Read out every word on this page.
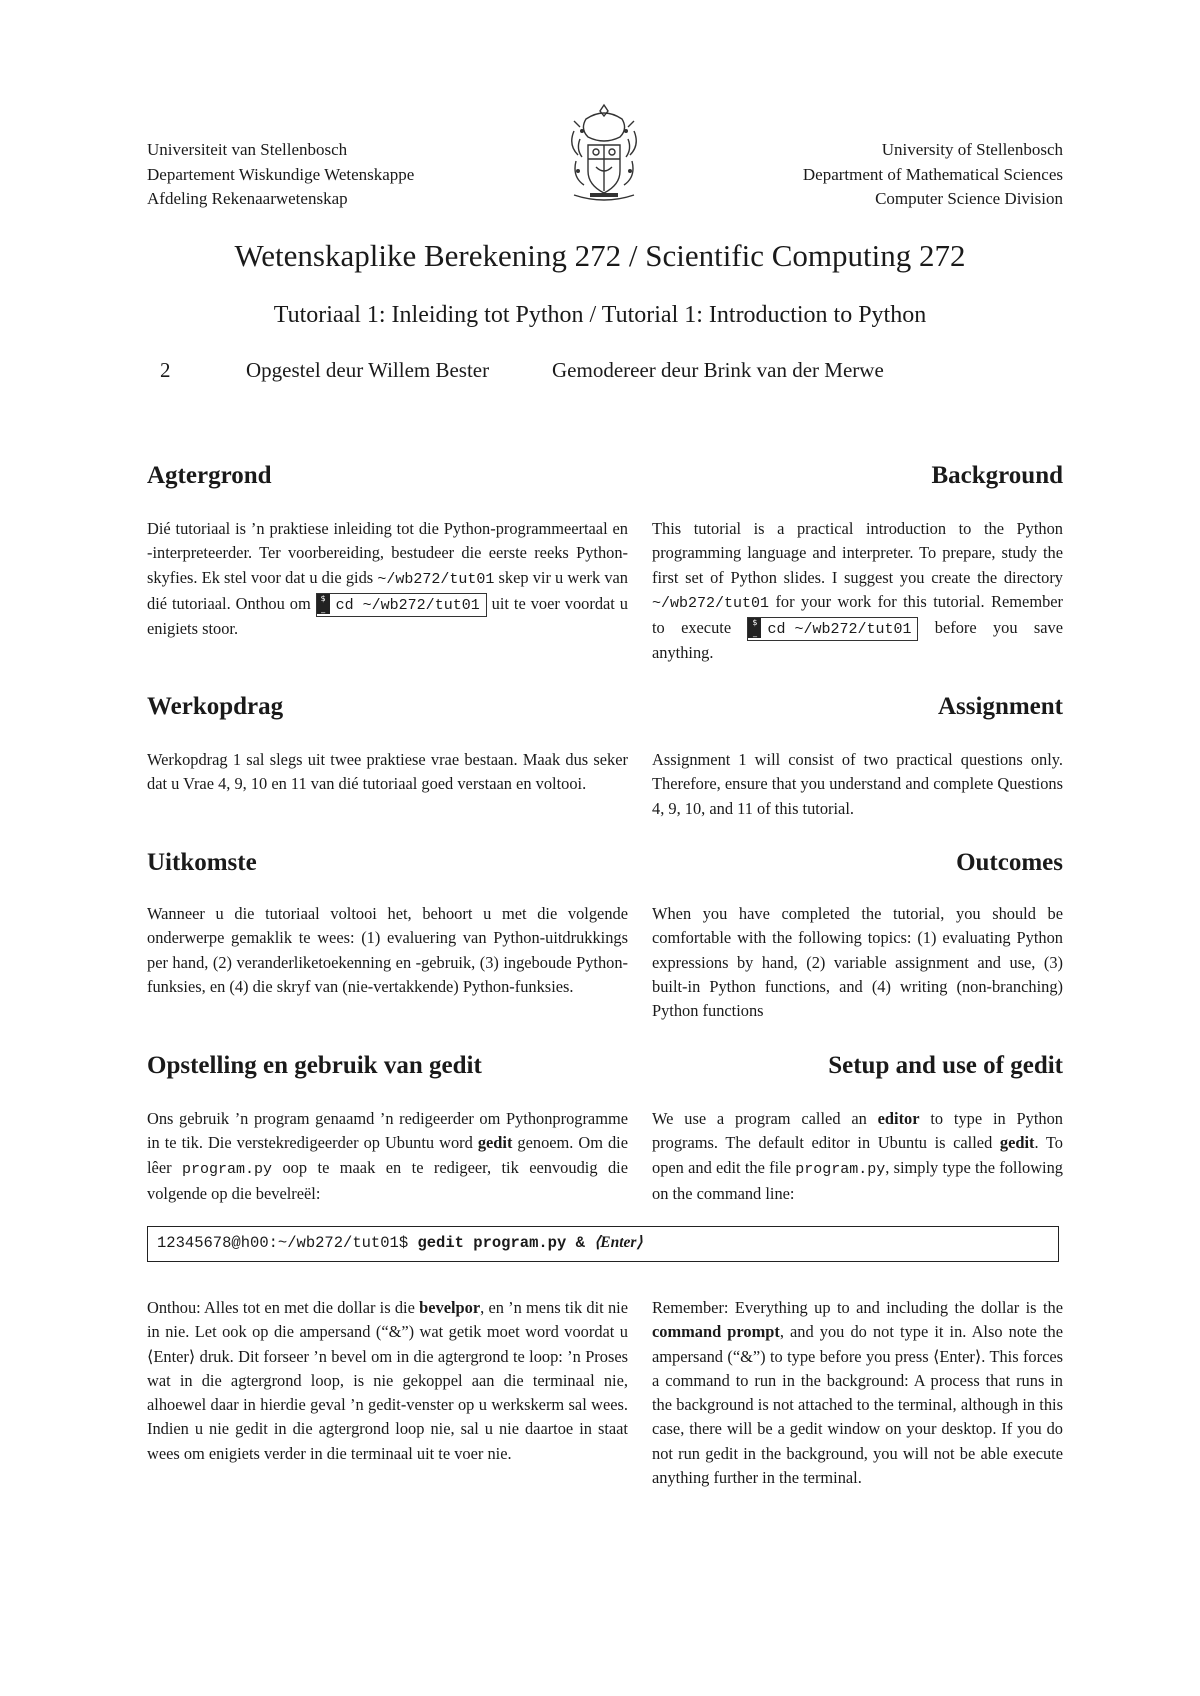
Universiteit van Stellenbosch
Departement Wiskundige Wetenskappe
Afdeling Rekenaarwetenskap
University of Stellenbosch
Department of Mathematical Sciences
Computer Science Division
Wetenskaplike Berekening 272 / Scientific Computing 272
Tutoriaal 1: Inleiding tot Python / Tutorial 1: Introduction to Python
2	Opgestel deur Willem Bester	Gemodereer deur Brink van der Merwe
Agtergrond	Background
Dié tutoriaal is ’n praktiese inleiding tot die Python-programmeertaal en -interpreteerder. Ter voorbereiding, bestudeer die eerste reeks Python-skyfies. Ek stel voor dat u die gids ~/wb272/tut01 skep vir u werk van dié tutoriaal. Onthou om $
_ cd ~/wb272/tut01 uit te voer voordat u enigiets stoor.
This tutorial is a practical introduction to the Python programming language and interpreter. To prepare, study the first set of Python slides. I suggest you create the directory ~/wb272/tut01 for your work for this tutorial. Remember to execute $
_ cd ~/wb272/tut01 before you save anything.
Werkopdrag	Assignment
Werkopdrag 1 sal slegs uit twee praktiese vrae bestaan. Maak dus seker dat u Vrae 4, 9, 10 en 11 van dié tutoriaal goed verstaan en voltooi.
Assignment 1 will consist of two practical questions only. Therefore, ensure that you understand and complete Questions 4, 9, 10, and 11 of this tutorial.
Uitkomste	Outcomes
Wanneer u die tutoriaal voltooi het, behoort u met die volgende onderwerpe gemaklik te wees: (1) evaluering van Python-uitdrukkings per hand, (2) veranderliketoekenning en -gebruik, (3) ingeboude Python-funksies, en (4) die skryf van (nie-vertakkende) Python-funksies.
When you have completed the tutorial, you should be comfortable with the following topics: (1) evaluating Python expressions by hand, (2) variable assignment and use, (3) built-in Python functions, and (4) writing (non-branching) Python functions
Opstelling en gebruik van gedit	Setup and use of gedit
Ons gebruik ’n program genaamd ’n redigeerder om Pythonprogramme in te tik. Die verstekredigeerder op Ubuntu word gedit genoem. Om die lêer program.py oop te maak en te redigeer, tik eenvoudig die volgende op die bevelreël:
We use a program called an editor to type in Python programs. The default editor in Ubuntu is called gedit. To open and edit the file program.py, simply type the following on the command line:
12345678@h00:~/wb272/tut01$ gedit program.py & ⟨Enter⟩
Onthou: Alles tot en met die dollar is die bevelpor, en ’n mens tik dit nie in nie. Let ook op die ampersand (“&”) wat getik moet word voordat u ⟨Enter⟩ druk. Dit forseer ’n bevel om in die agtergrond te loop: ’n Proses wat in die agtergrond loop, is nie gekoppel aan die terminaal nie, alhoewel daar in hierdie geval ’n gedit-venster op u werkskerm sal wees. Indien u nie gedit in die agtergrond loop nie, sal u nie daartoe in staat wees om enigiets verder in die terminaal uit te voer nie.
Remember: Everything up to and including the dollar is the command prompt, and you do not type it in. Also note the ampersand (“&”) to type before you press ⟨Enter⟩. This forces a command to run in the background: A process that runs in the background is not attached to the terminal, although in this case, there will be a gedit window on your desktop. If you do not run gedit in the background, you will not be able execute anything further in the terminal.
